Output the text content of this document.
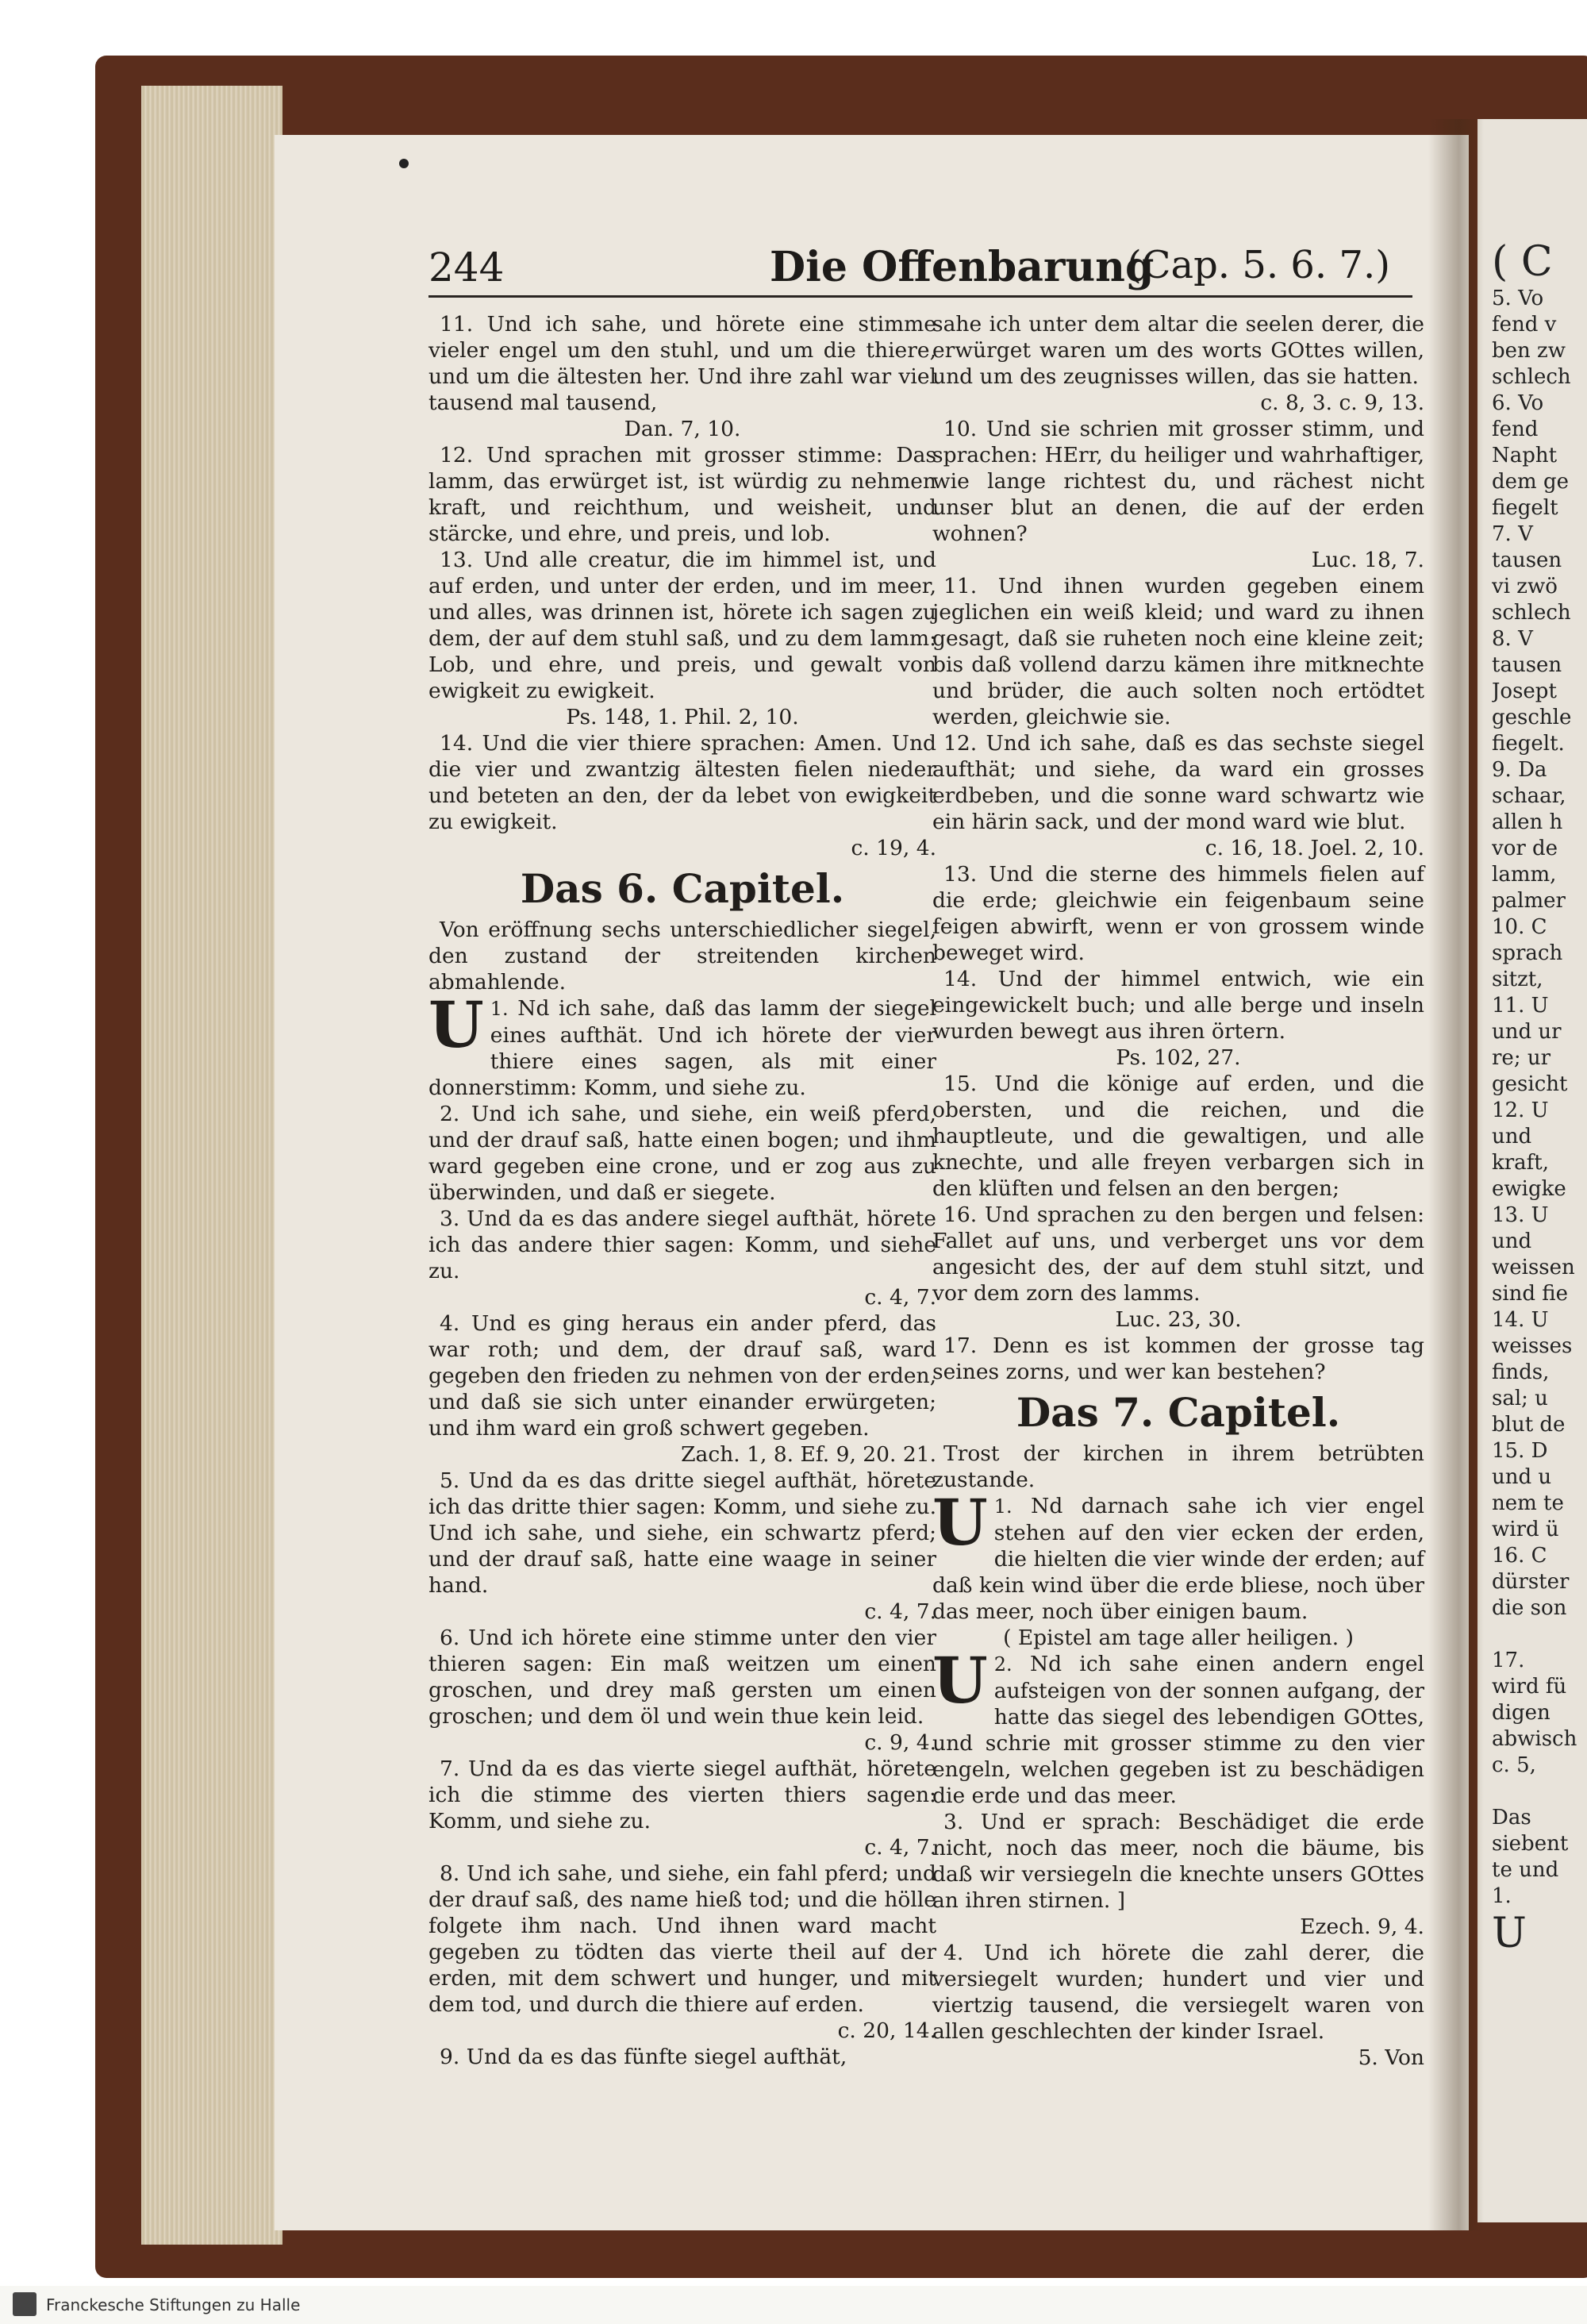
244	Die Offenbarung
(Cap. 5. 6. 7.)

11. Und ich sahe, und hörete eine stimme vieler engel um den stuhl, und um die thiere, und um die ältesten her. Und ihre zahl war viel tausend mal tausend,

Dan. 7, 10.

12. Und sprachen mit grosser stimme: Das lamm, das erwürget ist, ist würdig zu nehmen kraft, und reichthum, und weisheit, und stärcke, und ehre, und preis, und lob.

13. Und alle creatur, die im himmel ist, und auf erden, und unter der erden, und im meer, und alles, was drinnen ist, hörete ich sagen zu dem, der auf dem stuhl saß, und zu dem lamm: Lob, und ehre, und preis, und gewalt von ewigkeit zu ewigkeit.

Ps. 148, 1. Phil. 2, 10.

14. Und die vier thiere sprachen: Amen. Und die vier und zwantzig ältesten fielen nieder und beteten an den, der da lebet von ewigkeit zu ewigkeit.

c. 19, 4.

Das 6. Capitel.

Von eröffnung sechs unterschiedlicher siegel, den zustand der streitenden kirchen abmahlende.

1.
U Nd ich sahe, daß das lamm der siegel eines aufthät. Und ich hörete der vier thiere eines sagen, als mit einer donnerstimm: Komm, und siehe zu.

2. Und ich sahe, und siehe, ein weiß pferd, und der drauf saß, hatte einen bogen; und ihm ward gegeben eine crone, und er zog aus zu überwinden, und daß er siegete.

3. Und da es das andere siegel aufthät, hörete ich das andere thier sagen: Komm, und siehe zu.

c. 4, 7.

4. Und es ging heraus ein ander pferd, das war roth; und dem, der drauf saß, ward gegeben den frieden zu nehmen von der erden, und daß sie sich unter einander erwürgeten; und ihm ward ein groß schwert gegeben.

Zach. 1, 8. Ef. 9, 20. 21.

5. Und da es das dritte siegel aufthät, hörete ich das dritte thier sagen: Komm, und siehe zu. Und ich sahe, und siehe, ein schwartz pferd; und der drauf saß, hatte eine waage in seiner hand.

c. 4, 7.

6. Und ich hörete eine stimme unter den vier thieren sagen: Ein maß weitzen um einen groschen, und drey maß gersten um einen groschen; und dem öl und wein thue kein leid.

c. 9, 4.

7. Und da es das vierte siegel aufthät, hörete ich die stimme des vierten thiers sagen: Komm, und siehe zu.

c. 4, 7.

8. Und ich sahe, und siehe, ein fahl pferd; und der drauf saß, des name hieß tod; und die hölle folgete ihm nach. Und ihnen ward macht gegeben zu tödten das vierte theil auf der erden, mit dem schwert und hunger, und mit dem tod, und durch die thiere auf erden.

c. 20, 14.

9. Und da es das fünfte siegel aufthät,

sahe ich unter dem altar die seelen derer, die erwürget waren um des worts GOttes willen, und um des zeugnisses willen, das sie hatten.

c. 8, 3. c. 9, 13.

10. Und sie schrien mit grosser stimm, und sprachen: HErr, du heiliger und wahrhaftiger, wie lange richtest du, und rächest nicht unser blut an denen, die auf der erden wohnen?

Luc. 18, 7.

11. Und ihnen wurden gegeben einem jeglichen ein weiß kleid; und ward zu ihnen gesagt, daß sie ruheten noch eine kleine zeit; bis daß vollend darzu kämen ihre mitknechte und brüder, die auch solten noch ertödtet werden, gleichwie sie.

12. Und ich sahe, daß es das sechste siegel aufthät; und siehe, da ward ein grosses erdbeben, und die sonne ward schwartz wie ein härin sack, und der mond ward wie blut.

c. 16, 18. Joel. 2, 10.

13. Und die sterne des himmels fielen auf die erde; gleichwie ein feigenbaum seine feigen abwirft, wenn er von grossem winde beweget wird.

14. Und der himmel entwich, wie ein eingewickelt buch; und alle berge und inseln wurden bewegt aus ihren örtern.

Ps. 102, 27.

15. Und die könige auf erden, und die obersten, und die reichen, und die hauptleute, und die gewaltigen, und alle knechte, und alle freyen verbargen sich in den klüften und felsen an den bergen;

16. Und sprachen zu den bergen und felsen: Fallet auf uns, und verberget uns vor dem angesicht des, der auf dem stuhl sitzt, und vor dem zorn des lamms.

Luc. 23, 30.

17. Denn es ist kommen der grosse tag seines zorns, und wer kan bestehen?

Das 7. Capitel.

Trost der kirchen in ihrem betrübten zustande.

1.
U Nd darnach sahe ich vier engel stehen auf den vier ecken der erden, die hielten die vier winde der erden; auf daß kein wind über die erde bliese, noch über das meer, noch über einigen baum.

( Epistel am tage aller heiligen. )

2.
U Nd ich sahe einen andern engel aufsteigen von der sonnen aufgang, der hatte das siegel des lebendigen GOttes, und schrie mit grosser stimme zu den vier engeln, welchen gegeben ist zu beschädigen die erde und das meer.

3. Und er sprach: Beschädiget die erde nicht, noch das meer, noch die bäume, bis daß wir versiegeln die knechte unsers GOttes an ihren stirnen. ]

Ezech. 9, 4.

4. Und ich hörete die zahl derer, die versiegelt wurden; hundert und vier und viertzig tausend, die versiegelt waren von allen geschlechten der kinder Israel.

5. Von

( C
5. Vo
fend v
ben zw
schlech
6. Vo
fend
Napht
dem ge
fiegelt
7. V
tausen
vi zwö
schlech
8. V
tausen
Josept
geschle
fiegelt.
9. Da
schaar,
allen h
vor de
lamm,
palmer
10. C
sprach
sitzt,
11. U
und ur
re; ur
gesicht
12. U
und
kraft,
ewigke
13. U
und
weissen
sind fie
14. U
weisses
finds,
sal; u
blut de
15. D
und u
nem te
wird ü
16. C
dürster
die son

17.
wird fü
digen
abwisch
c. 5,

Das
siebent
te und
1.
U
Franckesche Stiftungen zu Halle
